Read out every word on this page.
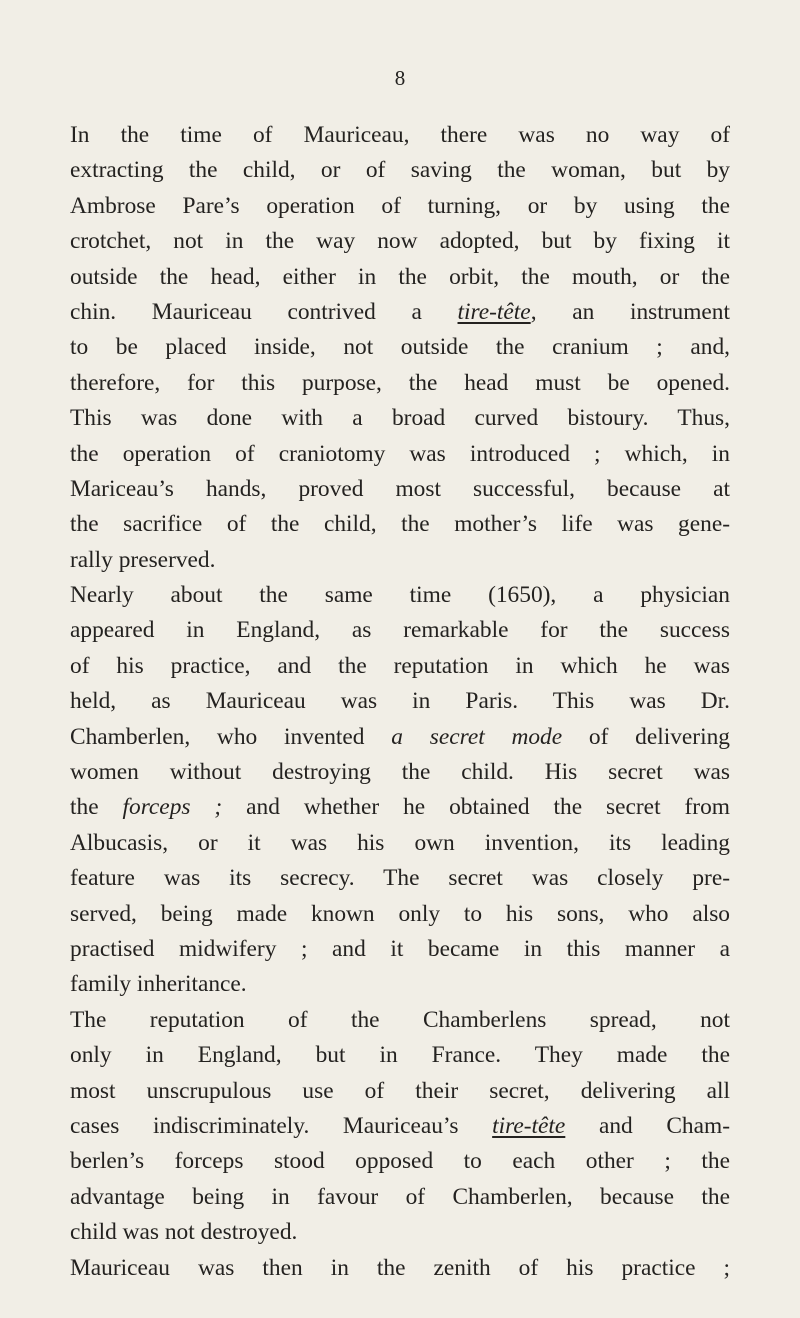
8
In the time of Mauriceau, there was no way of
extracting the child, or of saving the woman, but by
Ambrose Pare’s operation of turning, or by using the
crotchet, not in the way now adopted, but by fixing it
outside the head, either in the orbit, the mouth, or the
chin. Mauriceau contrived a tire-tête, an instrument
to be placed inside, not outside the cranium ; and,
therefore, for this purpose, the head must be opened.
This was done with a broad curved bistoury. Thus,
the operation of craniotomy was introduced ; which, in
Mariceau’s hands, proved most successful, because at
the sacrifice of the child, the mother’s life was gene-
rally preserved.
Nearly about the same time (1650), a physician
appeared in England, as remarkable for the success
of his practice, and the reputation in which he was
held, as Mauriceau was in Paris. This was Dr.
Chamberlen, who invented a secret mode of delivering
women without destroying the child. His secret was
the forceps ; and whether he obtained the secret from
Albucasis, or it was his own invention, its leading
feature was its secrecy. The secret was closely pre-
served, being made known only to his sons, who also
practised midwifery ; and it became in this manner a
family inheritance.
The reputation of the Chamberlens spread, not
only in England, but in France. They made the
most unscrupulous use of their secret, delivering all
cases indiscriminately. Mauriceau’s tire-tête and Cham-
berlen’s forceps stood opposed to each other ; the
advantage being in favour of Chamberlen, because the
child was not destroyed.
Mauriceau was then in the zenith of his practice ;
